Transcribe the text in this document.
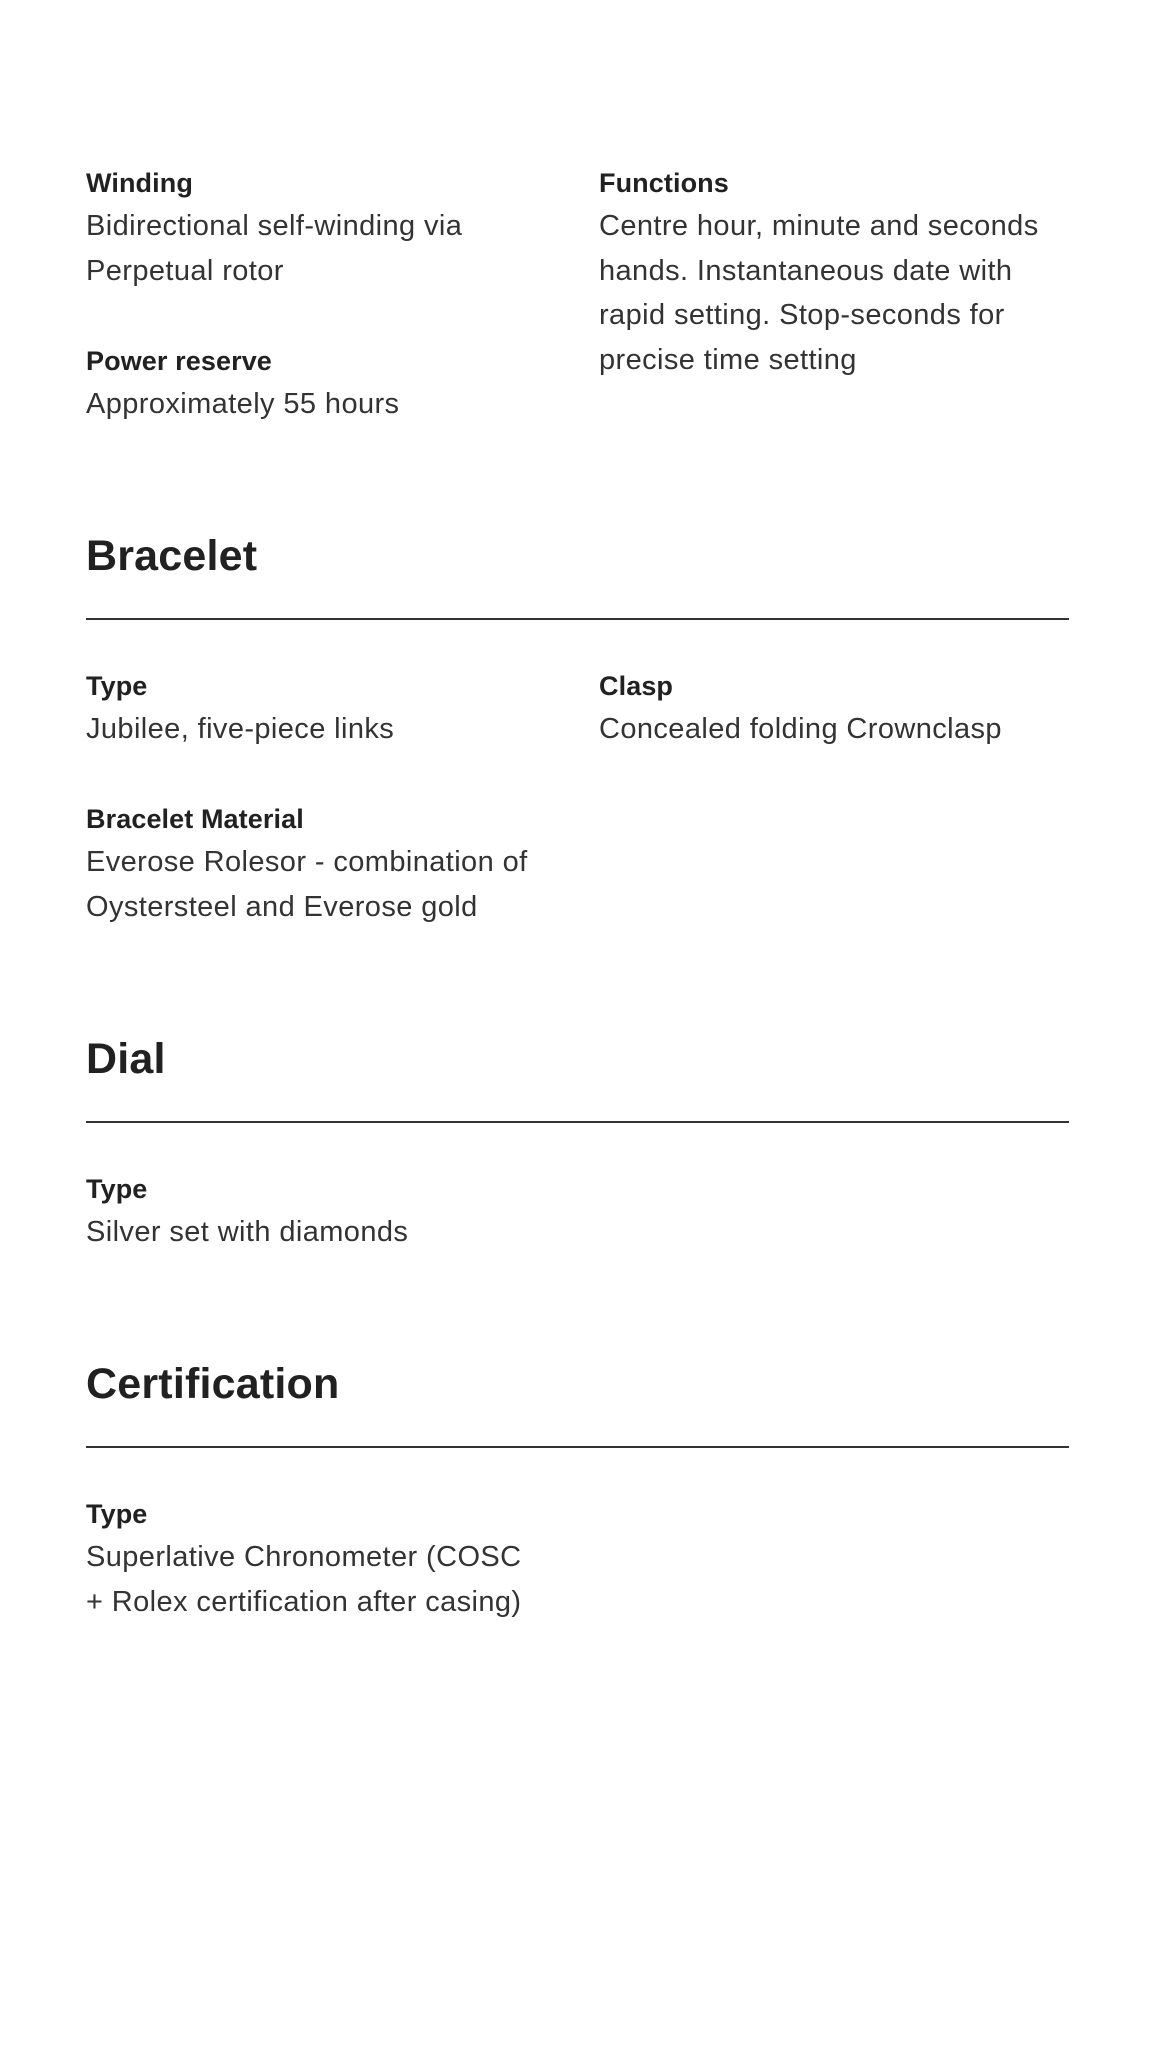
Winding

Bidirectional self-winding via Perpetual rotor

Functions

Centre hour, minute and seconds hands. Instantaneous date with rapid setting. Stop-seconds for precise time setting

Power reserve

Approximately 55 hours

Bracelet

Type

Jubilee, five-piece links

Clasp

Concealed folding Crownclasp

Bracelet Material

Everose Rolesor - combination of Oystersteel and Everose gold

Dial

Type

Silver set with diamonds

Certification

Type

Superlative Chronometer (COSC + Rolex certification after casing)
